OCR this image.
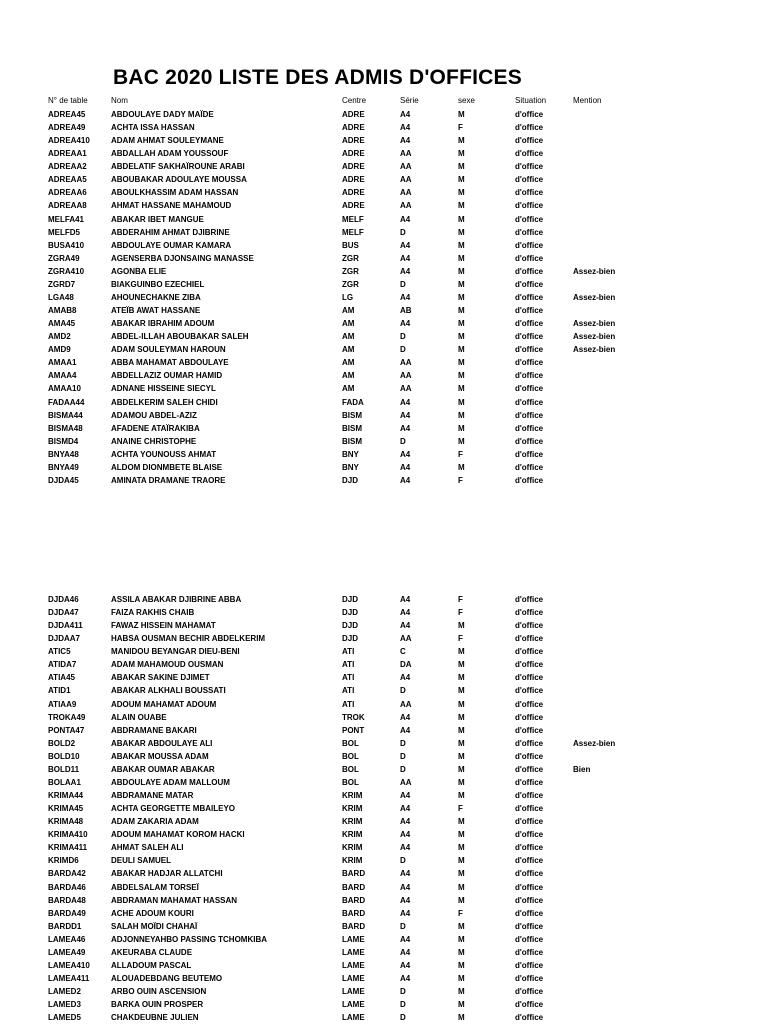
BAC 2020 LISTE DES ADMIS D'OFFICES
N° de table	Nom	Centre	Série	sexe	Situation	Mention
ADREA45	ABDOULAYE DADY MAÏDE	ADRE	A4	M	d'office
ADREA49	ACHTA ISSA HASSAN	ADRE	A4	F	d'office
ADREA410	ADAM AHMAT SOULEYMANE	ADRE	A4	M	d'office
ADREAA1	ABDALLAH ADAM YOUSSOUF	ADRE	AA	M	d'office
ADREAA2	ABDELATIF SAKHAÏROUNE ARABI	ADRE	AA	M	d'office
ADREAA5	ABOUBAKAR ADOULAYE MOUSSA	ADRE	AA	M	d'office
ADREAA6	ABOULKHASSIM ADAM HASSAN	ADRE	AA	M	d'office
ADREAA8	AHMAT HASSANE MAHAMOUD	ADRE	AA	M	d'office
MELFA41	ABAKAR IBET MANGUE	MELF	A4	M	d'office
MELFD5	ABDERAHIM AHMAT DJIBRINE	MELF	D	M	d'office
BUSA410	ABDOULAYE OUMAR KAMARA	BUS	A4	M	d'office
ZGRA49	AGENSERBA DJONSAING MANASSE	ZGR	A4	M	d'office
ZGRA410	AGONBA ELIE	ZGR	A4	M	d'office	Assez-bien
ZGRD7	BIAKGUINBO EZECHIEL	ZGR	D	M	d'office
LGA48	AHOUNECHAKNE ZIBA	LG	A4	M	d'office	Assez-bien
AMAB8	ATEÏB AWAT HASSANE	AM	AB	M	d'office
AMA45	ABAKAR IBRAHIM ADOUM	AM	A4	M	d'office	Assez-bien
AMD2	ABDEL-ILLAH ABOUBAKAR SALEH	AM	D	M	d'office	Assez-bien
AMD9	ADAM SOULEYMAN HAROUN	AM	D	M	d'office	Assez-bien
AMAA1	ABBA MAHAMAT ABDOULAYE	AM	AA	M	d'office
AMAA4	ABDELLAZIZ OUMAR HAMID	AM	AA	M	d'office
AMAA10	ADNANE HISSEINE SIECYL	AM	AA	M	d'office
FADAA44	ABDELKERIM SALEH CHIDI	FADA	A4	M	d'office
BISMA44	ADAMOU ABDEL-AZIZ	BISM	A4	M	d'office
BISMA48	AFADENE ATAÏRAKIBA	BISM	A4	M	d'office
BISMD4	ANAINE CHRISTOPHE	BISM	D	M	d'office
BNYA48	ACHTA YOUNOUSS AHMAT	BNY	A4	F	d'office
BNYA49	ALDOM DIONMBETE BLAISE	BNY	A4	M	d'office
DJDA45	AMINATA DRAMANE TRAORE	DJD	A4	F	d'office
DJDA46	ASSILA ABAKAR DJIBRINE ABBA	DJD	A4	F	d'office
DJDA47	FAIZA RAKHIS CHAIB	DJD	A4	F	d'office
DJDA411	FAWAZ HISSEIN MAHAMAT	DJD	A4	M	d'office
DJDAA7	HABSA OUSMAN BECHIR ABDELKERIM	DJD	AA	F	d'office
ATIC5	MANIDOU BEYANGAR DIEU-BENI	ATI	C	M	d'office
ATIDA7	ADAM MAHAMOUD OUSMAN	ATI	DA	M	d'office
ATIA45	ABAKAR SAKINE DJIMET	ATI	A4	M	d'office
ATID1	ABAKAR ALKHALI BOUSSATI	ATI	D	M	d'office
ATIAA9	ADOUM MAHAMAT ADOUM	ATI	AA	M	d'office
TROKA49	ALAIN OUABE	TROK	A4	M	d'office
PONTA47	ABDRAMANE BAKARI	PONT	A4	M	d'office
BOLD2	ABAKAR ABDOULAYE ALI	BOL	D	M	d'office	Assez-bien
BOLD10	ABAKAR MOUSSA ADAM	BOL	D	M	d'office
BOLD11	ABAKAR OUMAR ABAKAR	BOL	D	M	d'office	Bien
BOLAA1	ABDOULAYE ADAM MALLOUM	BOL	AA	M	d'office
KRIMA44	ABDRAMANE MATAR	KRIM	A4	M	d'office
KRIMA45	ACHTA GEORGETTE MBAILEYO	KRIM	A4	F	d'office
KRIMA48	ADAM ZAKARIA ADAM	KRIM	A4	M	d'office
KRIMA410	ADOUM MAHAMAT KOROM HACKI	KRIM	A4	M	d'office
KRIMA411	AHMAT SALEH ALI	KRIM	A4	M	d'office
KRIMD6	DEULI SAMUEL	KRIM	D	M	d'office
BARDA42	ABAKAR HADJAR ALLATCHI	BARD	A4	M	d'office
BARDA46	ABDELSALAM TORSEÏ	BARD	A4	M	d'office
BARDA48	ABDRAMAN MAHAMAT HASSAN	BARD	A4	M	d'office
BARDA49	ACHE ADOUM KOURI	BARD	A4	F	d'office
BARDD1	SALAH MOÏDI CHAHAÏ	BARD	D	M	d'office
LAMEA46	ADJONNEYAHBO PASSING TCHOMKIBA	LAME	A4	M	d'office
LAMEA49	AKEURABA CLAUDE	LAME	A4	M	d'office
LAMEA410	ALLADOUM PASCAL	LAME	A4	M	d'office
LAMEA411	ALOUADEBDANG BEUTEMO	LAME	A4	M	d'office
LAMED2	ARBO OUIN ASCENSION	LAME	D	M	d'office
LAMED3	BARKA OUIN PROSPER	LAME	D	M	d'office
LAMED5	CHAKDEUBNE JULIEN	LAME	D	M	d'office
